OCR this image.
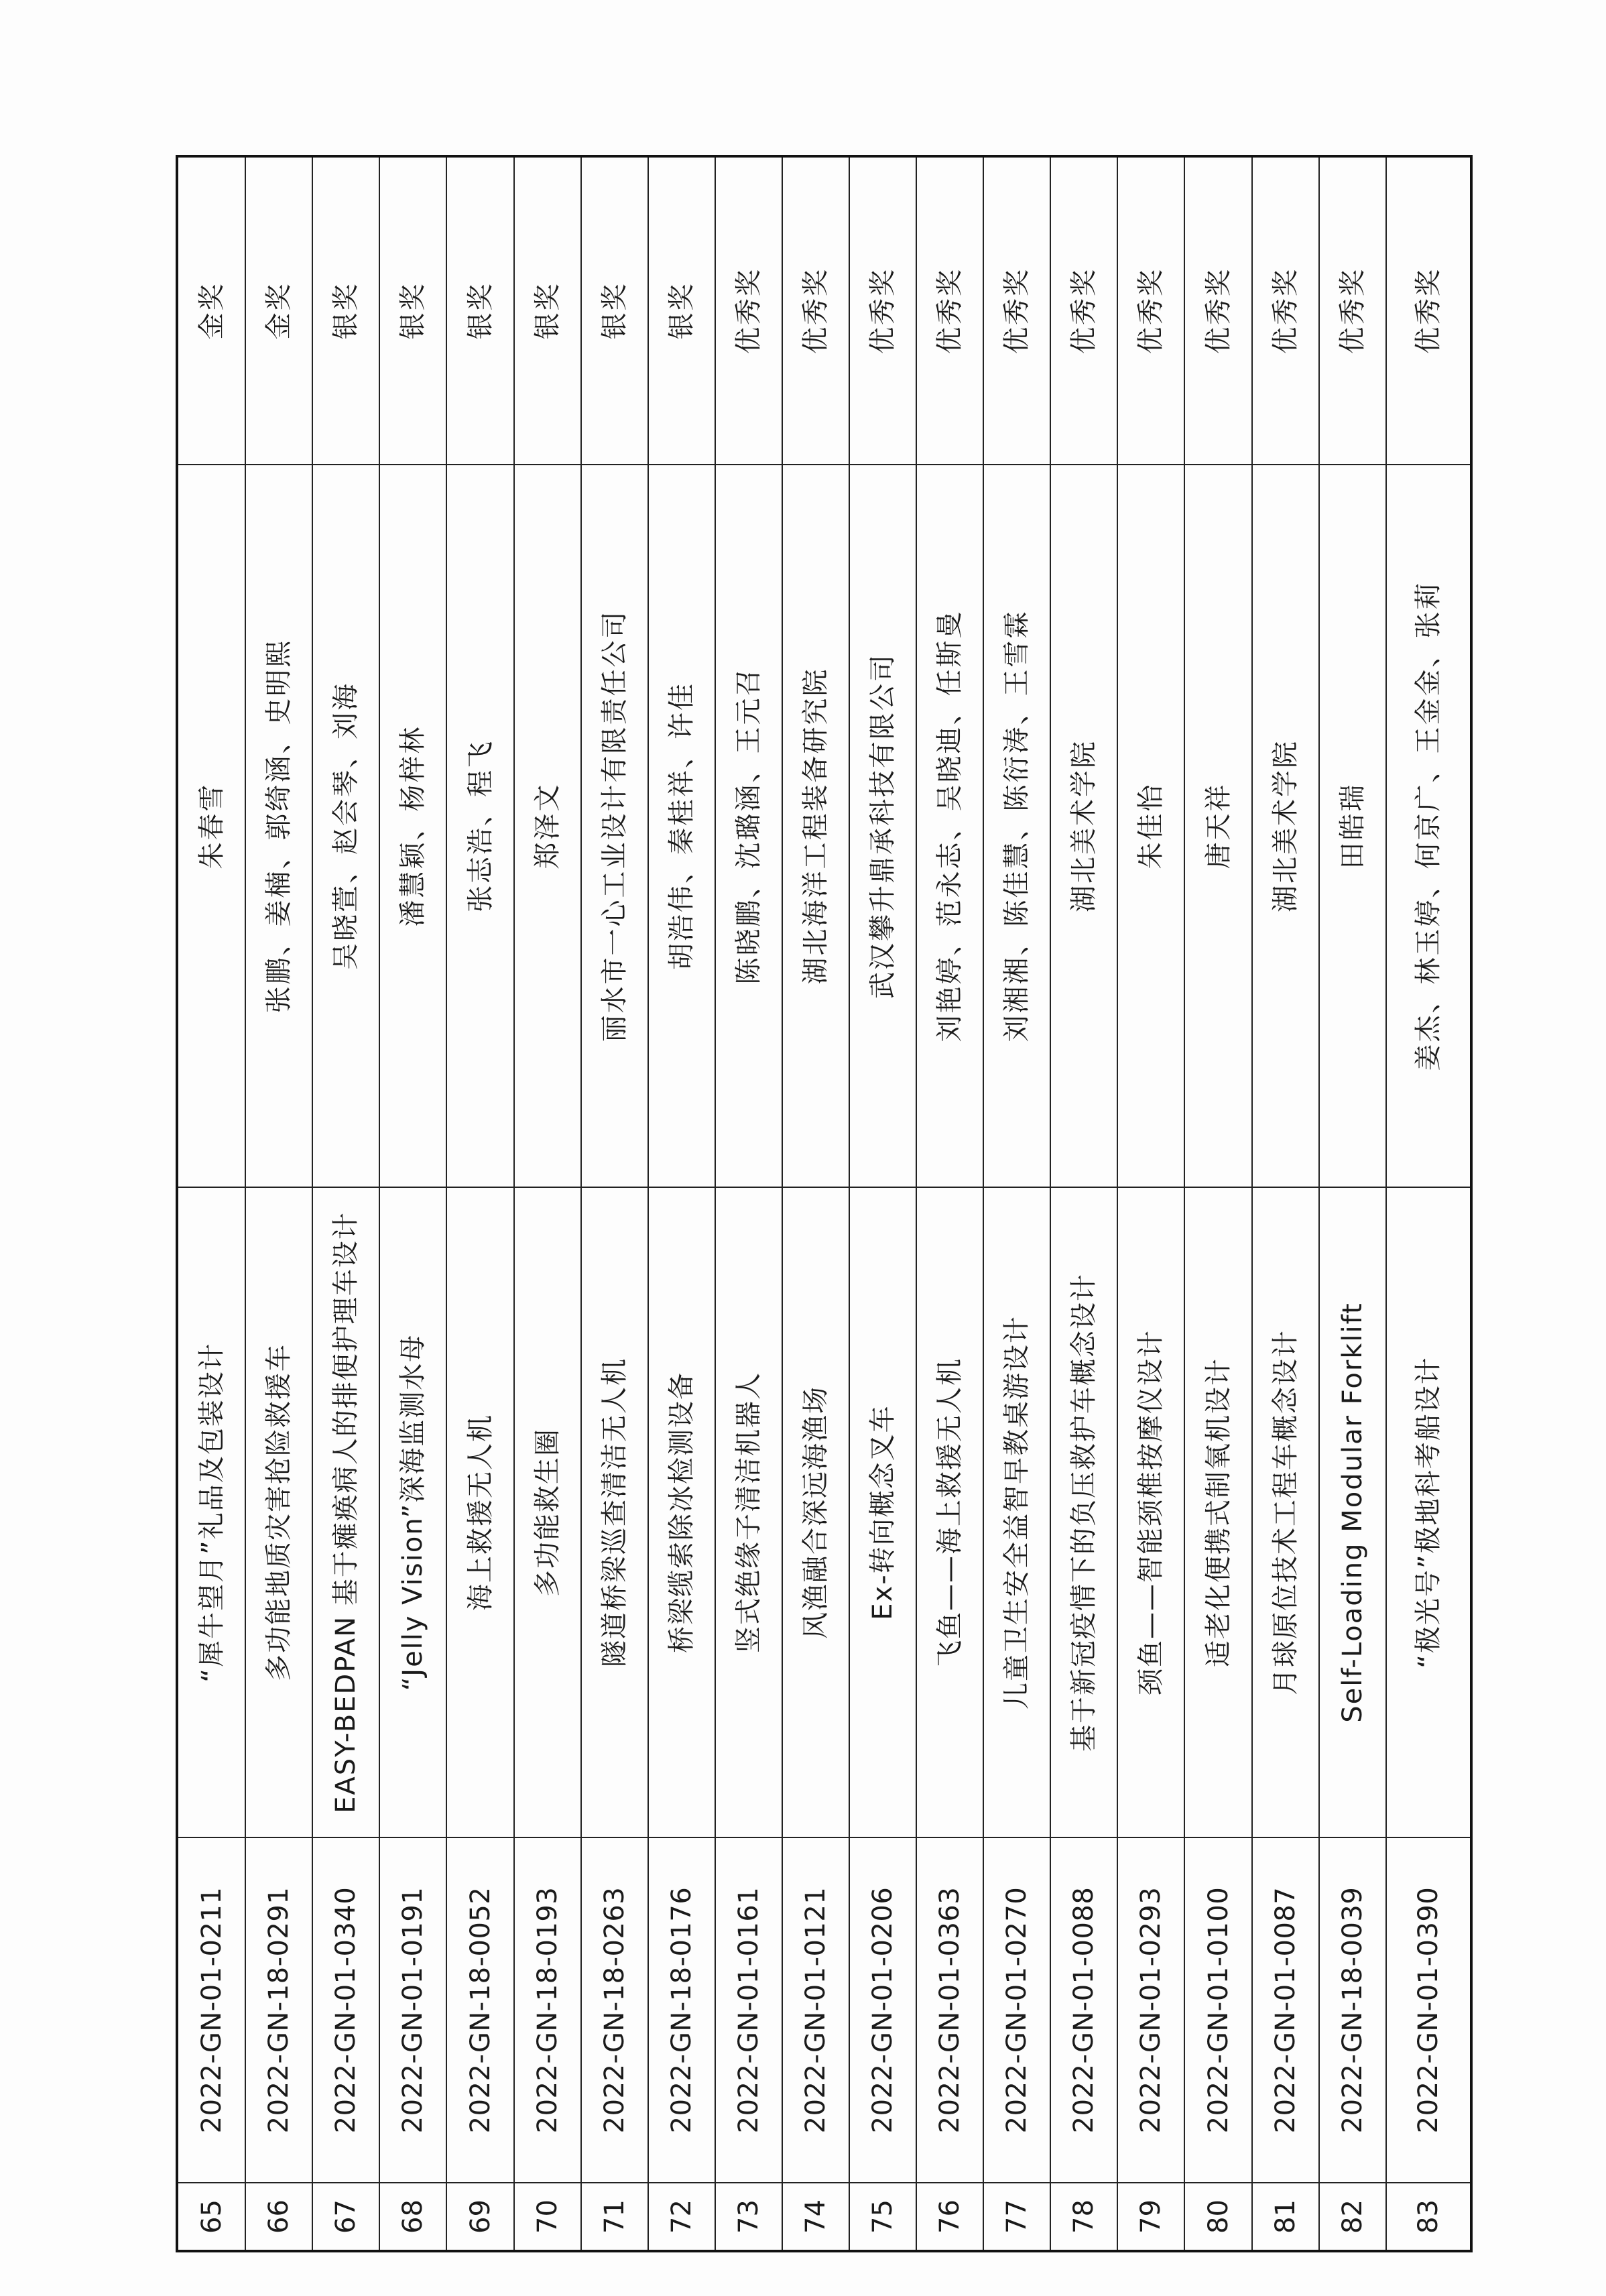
65	2022-GN-01-0211	“犀牛望月”礼品及包装设计	朱春雪	金奖
66	2022-GN-18-0291	多功能地质灾害抢险救援车	张鹏、姜楠、郭绮涵、史明熙	金奖
67	2022-GN-01-0340	EASY-BEDPAN 基于瘫痪病人的排便护理车设计	吴晓萱、赵会琴、刘海	银奖
68	2022-GN-01-0191	“Jelly Vision”深海监测水母	潘慧颖、杨梓林	银奖
69	2022-GN-18-0052	海上救援无人机	张志浩、程飞	银奖
70	2022-GN-18-0193	多功能救生圈	郑泽文	银奖
71	2022-GN-18-0263	隧道桥梁巡查清洁无人机	丽水市一心工业设计有限责任公司	银奖
72	2022-GN-18-0176	桥梁缆索除冰检测设备	胡浩伟、秦桂祥、许佳	银奖
73	2022-GN-01-0161	竖式绝缘子清洁机器人	陈晓鹏、沈璐涵、王元召	优秀奖
74	2022-GN-01-0121	风渔融合深远海渔场	湖北海洋工程装备研究院	优秀奖
75	2022-GN-01-0206	Ex-转向概念叉车	武汉攀升鼎承科技有限公司	优秀奖
76	2022-GN-01-0363	飞鱼——海上救援无人机	刘艳婷、范永志、吴晓迪、任斯曼	优秀奖
77	2022-GN-01-0270	儿童卫生安全益智早教桌游设计	刘湘湘、陈佳慧、陈衍涛、王雪霖	优秀奖
78	2022-GN-01-0088	基于新冠疫情下的负压救护车概念设计	湖北美术学院	优秀奖
79	2022-GN-01-0293	颈鱼——智能颈椎按摩仪设计	朱佳怡	优秀奖
80	2022-GN-01-0100	适老化便携式制氧机设计	唐天祥	优秀奖
81	2022-GN-01-0087	月球原位技术工程车概念设计	湖北美术学院	优秀奖
82	2022-GN-18-0039	Self-Loading Modular Forklift	田皓瑞	优秀奖
83	2022-GN-01-0390	“极光号”极地科考船设计	姜杰、林玉婷、何京广、王金金、张莉	优秀奖
